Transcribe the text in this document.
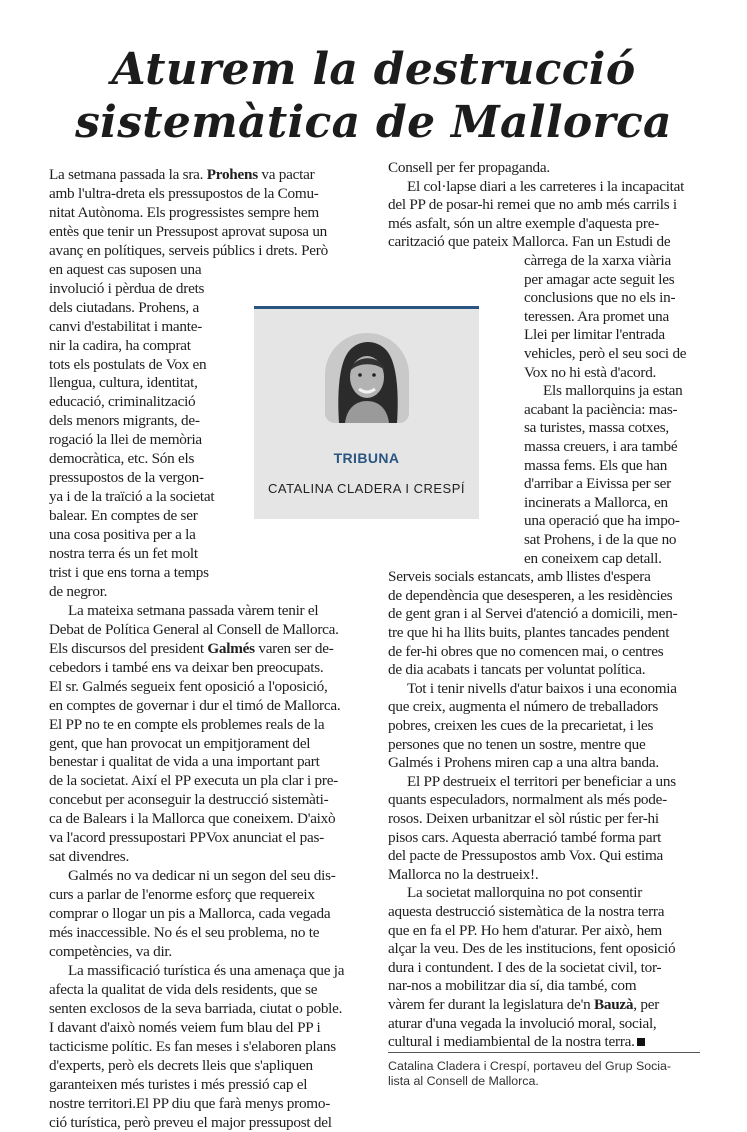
Aturem la destrucció
sistemàtica de Mallorca

La setmana passada la sra. Prohens va pactar

amb l'ultra-dreta els pressupostos de la Comu-

nitat Autònoma. Els progressistes sempre hem

entès que tenir un Pressupost aprovat suposa un

avanç en polítiques, serveis públics i drets. Però

en aquest cas suposen una

involució i pèrdua de drets

dels ciutadans. Prohens, a

canvi d'estabilitat i mante-

nir la cadira, ha comprat

tots els postulats de Vox en

llengua, cultura, identitat,

educació, criminalització

dels menors migrants, de-

rogació la llei de memòria

democràtica, etc. Són els

pressupostos de la vergon-

ya i de la traïció a la societat

balear. En comptes de ser

una cosa positiva per a la

nostra terra és un fet molt

trist i que ens torna a temps

de negror.

La mateixa setmana passada vàrem tenir el

Debat de Política General al Consell de Mallorca.

Els discursos del president Galmés varen ser de-

cebedors i també ens va deixar ben preocupats.

El sr. Galmés segueix fent oposició a l'oposició,

en comptes de governar i dur el timó de Mallorca.

El PP no te en compte els problemes reals de la

gent, que han provocat un empitjorament del

benestar i qualitat de vida a una important part

de la societat. Així el PP executa un pla clar i pre-

concebut per aconseguir la destrucció sistemàti-

ca de Balears i la Mallorca que coneixem. D'això

va l'acord pressupostari PPVox anunciat el pas-

sat divendres.

Galmés no va dedicar ni un segon del seu dis-

curs a parlar de l'enorme esforç que requereix

comprar o llogar un pis a Mallorca, cada vegada

més inaccessible. No és el seu problema, no te

competències, va dir.

La massificació turística és una amenaça que ja

afecta la qualitat de vida dels residents, que se

senten exclosos de la seva barriada, ciutat o poble.

I davant d'això només veiem fum blau del PP i

tacticisme polític. Es fan meses i s'elaboren plans

d'experts, però els decrets lleis que s'apliquen

garanteixen més turistes i més pressió cap el

nostre territori.El PP diu que farà menys promo-

ció turística, però preveu el major pressupost del

Consell per fer propaganda.

El col·lapse diari a les carreteres i la incapacitat

del PP de posar-hi remei que no amb més carrils i

més asfalt, són un altre exemple d'aquesta pre-

carització que pateix Mallorca. Fan un Estudi de

càrrega de la xarxa viària

per amagar acte seguit les

conclusions que no els in-

teressen. Ara promet una

Llei per limitar l'entrada

vehicles, però el seu soci de

Vox no hi està d'acord.

Els mallorquins ja estan

acabant la paciència: mas-

sa turistes, massa cotxes,

massa creuers, i ara també

massa fems. Els que han

d'arribar a Eivissa per ser

incinerats a Mallorca, en

una operació que ha impo-

sat Prohens, i de la que no

en coneixem cap detall.

Serveis socials estancats, amb llistes d'espera

de dependència que desesperen, a les residències

de gent gran i al Servei d'atenció a domicili, men-

tre que hi ha llits buits, plantes tancades pendent

de fer-hi obres que no comencen mai, o centres

de dia acabats i tancats per voluntat política.

Tot i tenir nivells d'atur baixos i una economia

que creix, augmenta el número de treballadors

pobres, creixen les cues de la precarietat, i les

persones que no tenen un sostre, mentre que

Galmés i Prohens miren cap a una altra banda.

El PP destrueix el territori per beneficiar a uns

quants especuladors, normalment als més pode-

rosos. Deixen urbanitzar el sòl rústic per fer-hi

pisos cars. Aquesta aberració també forma part

del pacte de Pressupostos amb Vox. Qui estima

Mallorca no la destrueix!.

La societat mallorquina no pot consentir

aquesta destrucció sistemàtica de la nostra terra

que en fa el PP. Ho hem d'aturar. Per això, hem

alçar la veu. Des de les institucions, fent oposició

dura i contundent. I des de la societat civil, tor-

nar-nos a mobilitzar dia sí, dia també, com

vàrem fer durant la legislatura de'n Bauzà, per

aturar d'una vegada la involució moral, social,

cultural i mediambiental de la nostra terra.

TRIBUNA
CATALINA CLADERA I CRESPÍ

Catalina Cladera i Crespí, portaveu del Grup Socia-

lista al Consell de Mallorca.
